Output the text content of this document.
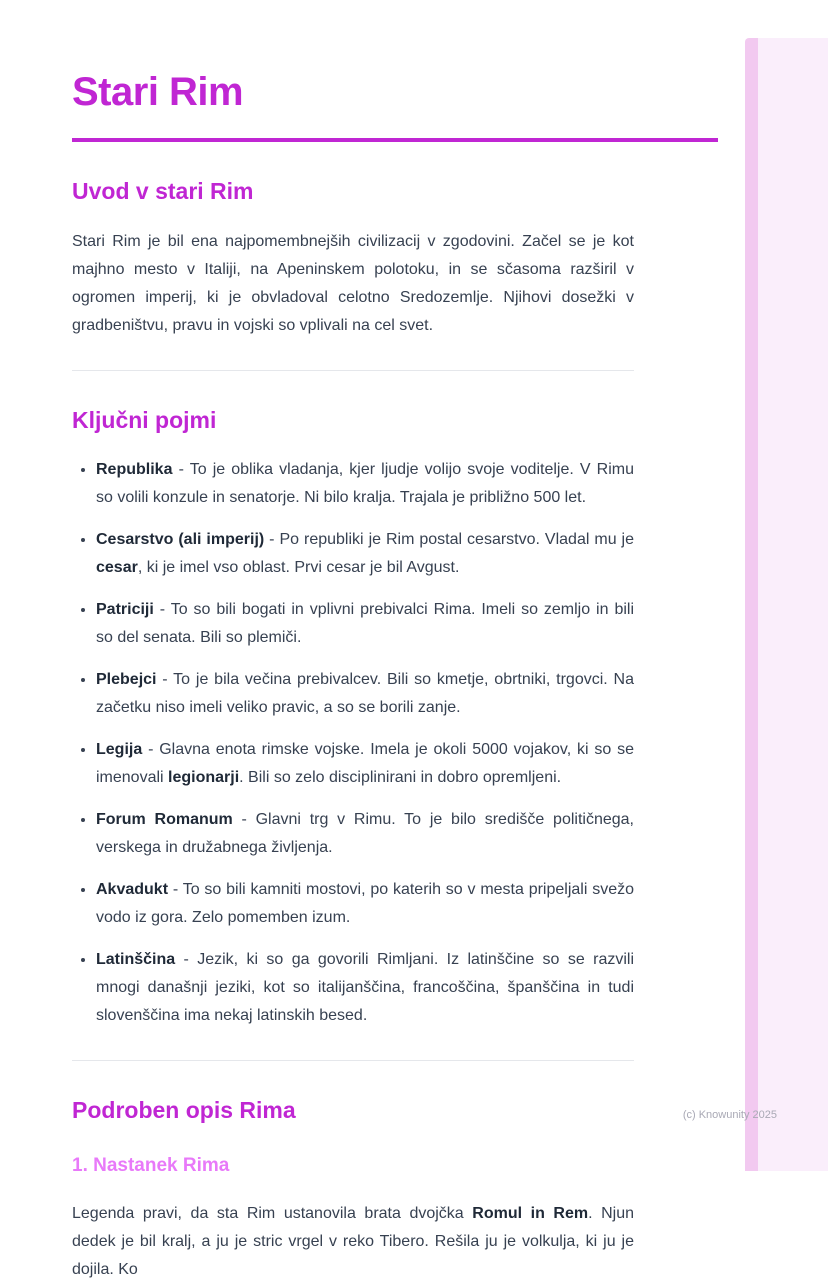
Stari Rim
Uvod v stari Rim

Stari Rim je bil ena najpomembnejših civilizacij v zgodovini. Začel se je kot majhno mesto v Italiji, na Apeninskem polotoku, in se sčasoma razširil v ogromen imperij, ki je obvladoval celotno Sredozemlje. Njihovi dosežki v gradbeništvu, pravu in vojski so vplivali na cel svet.

Ključni pojmi
• Republika - To je oblika vladanja, kjer ljudje volijo svoje voditelje. V Rimu so volili konzule in senatorje. Ni bilo kralja. Trajala je približno 500 let.
• Cesarstvo (ali imperij) - Po republiki je Rim postal cesarstvo. Vladal mu je cesar, ki je imel vso oblast. Prvi cesar je bil Avgust.
• Patriciji - To so bili bogati in vplivni prebivalci Rima. Imeli so zemljo in bili so del senata. Bili so plemiči.
• Plebejci - To je bila večina prebivalcev. Bili so kmetje, obrtniki, trgovci. Na začetku niso imeli veliko pravic, a so se borili zanje.
• Legija - Glavna enota rimske vojske. Imela je okoli 5000 vojakov, ki so se imenovali legionarji. Bili so zelo disciplinirani in dobro opremljeni.
• Forum Romanum - Glavni trg v Rimu. To je bilo središče političnega, verskega in družabnega življenja.
• Akvadukt - To so bili kamniti mostovi, po katerih so v mesta pripeljali svežo vodo iz gora. Zelo pomemben izum.
• Latinščina - Jezik, ki so ga govorili Rimljani. Iz latinščine so se razvili mnogi današnji jeziki, kot so italijanščina, francoščina, španščina in tudi slovenščina ima nekaj latinskih besed.
Podroben opis Rima
1. Nastanek Rima

Legenda pravi, da sta Rim ustanovila brata dvojčka Romul in Rem. Njun dedek je bil kralj, a ju je stric vrgel v reko Tibero. Rešila ju je volkulja, ki ju je dojila. Ko

(c) Knowunity 2025
